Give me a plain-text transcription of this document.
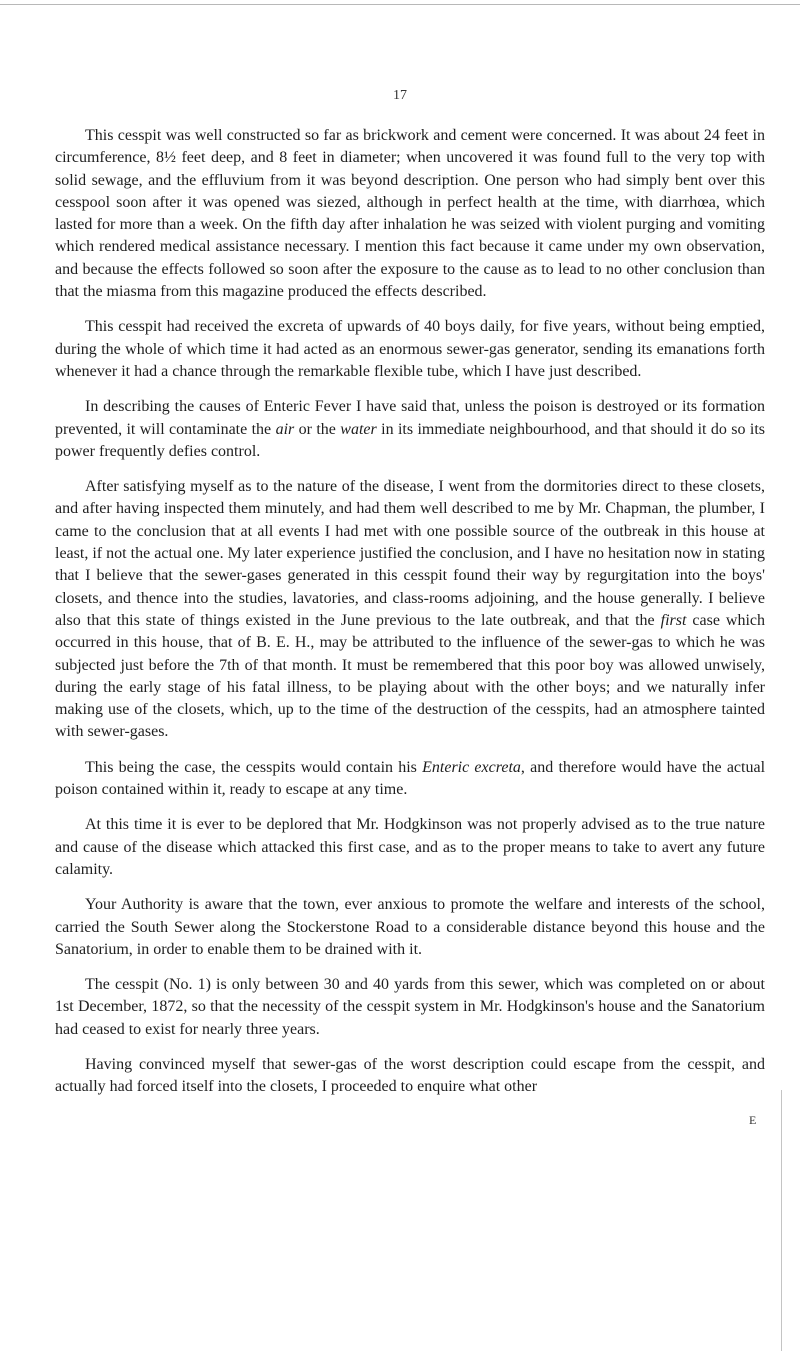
17

This cesspit was well constructed so far as brickwork and cement were concerned. It was about 24 feet in circumference, 8½ feet deep, and 8 feet in diameter; when uncovered it was found full to the very top with solid sewage, and the effluvium from it was beyond description. One person who had simply bent over this cesspool soon after it was opened was siezed, although in perfect health at the time, with diarrhœa, which lasted for more than a week. On the fifth day after inhalation he was seized with violent purging and vomiting which rendered medical assistance necessary. I mention this fact because it came under my own observation, and because the effects followed so soon after the exposure to the cause as to lead to no other conclusion than that the miasma from this magazine produced the effects described.

This cesspit had received the excreta of upwards of 40 boys daily, for five years, without being emptied, during the whole of which time it had acted as an enormous sewer-gas generator, sending its emanations forth whenever it had a chance through the remarkable flexible tube, which I have just described.

In describing the causes of Enteric Fever I have said that, unless the poison is destroyed or its formation prevented, it will contaminate the air or the water in its immediate neighbourhood, and that should it do so its power frequently defies control.

After satisfying myself as to the nature of the disease, I went from the dormitories direct to these closets, and after having inspected them minutely, and had them well described to me by Mr. Chapman, the plumber, I came to the conclusion that at all events I had met with one possible source of the outbreak in this house at least, if not the actual one. My later experience justified the conclusion, and I have no hesitation now in stating that I believe that the sewer-gases generated in this cesspit found their way by regurgitation into the boys' closets, and thence into the studies, lavatories, and class-rooms adjoining, and the house generally. I believe also that this state of things existed in the June previous to the late outbreak, and that the first case which occurred in this house, that of B. E. H., may be attributed to the influence of the sewer-gas to which he was subjected just before the 7th of that month. It must be remembered that this poor boy was allowed unwisely, during the early stage of his fatal illness, to be playing about with the other boys; and we naturally infer making use of the closets, which, up to the time of the destruction of the cesspits, had an atmosphere tainted with sewer-gases.

This being the case, the cesspits would contain his Enteric excreta, and therefore would have the actual poison contained within it, ready to escape at any time.

At this time it is ever to be deplored that Mr. Hodgkinson was not properly advised as to the true nature and cause of the disease which attacked this first case, and as to the proper means to take to avert any future calamity.

Your Authority is aware that the town, ever anxious to promote the welfare and interests of the school, carried the South Sewer along the Stockerstone Road to a considerable distance beyond this house and the Sanatorium, in order to enable them to be drained with it.

The cesspit (No. 1) is only between 30 and 40 yards from this sewer, which was completed on or about 1st December, 1872, so that the necessity of the cesspit system in Mr. Hodgkinson's house and the Sanatorium had ceased to exist for nearly three years.

Having convinced myself that sewer-gas of the worst description could escape from the cesspit, and actually had forced itself into the closets, I proceeded to enquire what other

E
